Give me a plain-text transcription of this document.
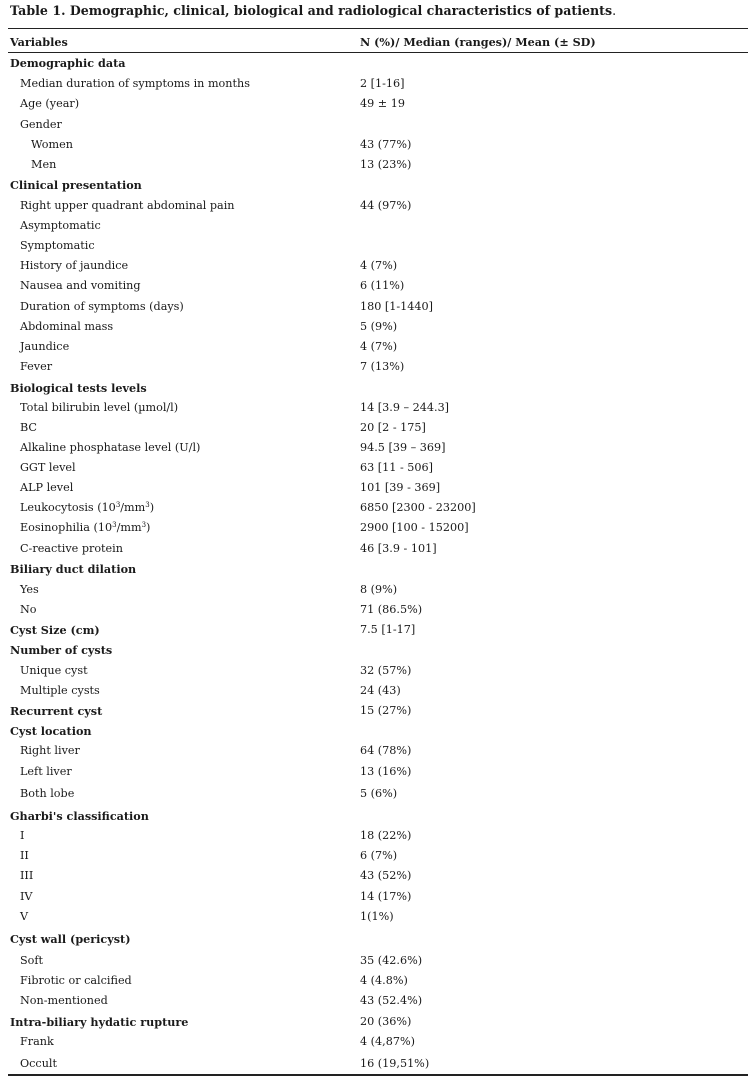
Table 1. Demographic, clinical, biological and radiological characteristics of patients.
Variables	N (%)/ Median (ranges)/ Mean (± SD)
Demographic data
Median duration of symptoms in months	2 [1-16]
Age (year)	49 ± 19
Gender
Women	43 (77%)
Men	13 (23%)
Clinical presentation
Right upper quadrant abdominal pain	44 (97%)
Asymptomatic
Symptomatic
History of jaundice	4 (7%)
Nausea and vomiting	6 (11%)
Duration of symptoms (days)	180 [1-1440]
Abdominal mass	5 (9%)
Jaundice	4 (7%)
Fever	7 (13%)
Biological tests levels
Total bilirubin level (µmol/l)	14 [3.9 – 244.3]
BC	20 [2 - 175]
Alkaline phosphatase level (U/l)	94.5 [39 – 369]
GGT level	63 [11 - 506]
ALP level	101 [39 - 369]
Leukocytosis $(10^3/mm^3)$	6850 [2300 - 23200]
Eosinophilia $(10^3/mm^3)$	2900 [100 - 15200]
C-reactive protein	46 [3.9 - 101]
Biliary duct dilation
Yes	8 (9%)
No	71 (86.5%)
Cyst Size (cm)	7.5 [1-17]
Number of cysts
Unique cyst	32 (57%)
Multiple cysts	24 (43)
Recurrent cyst	15 (27%)
Cyst location
Right liver	64 (78%)
Left liver	13 (16%)
Both lobe	5 (6%)
Gharbi's classification
I	18 (22%)
II	6 (7%)
III	43 (52%)
IV	14 (17%)
V	1(1%)
Cyst wall (pericyst)
Soft	35 (42.6%)
Fibrotic or calcified	4 (4.8%)
Non-mentioned	43 (52.4%)
Intra-biliary hydatic rupture	20 (36%)
Frank	4 (4,87%)
Occult	16 (19,51%)
